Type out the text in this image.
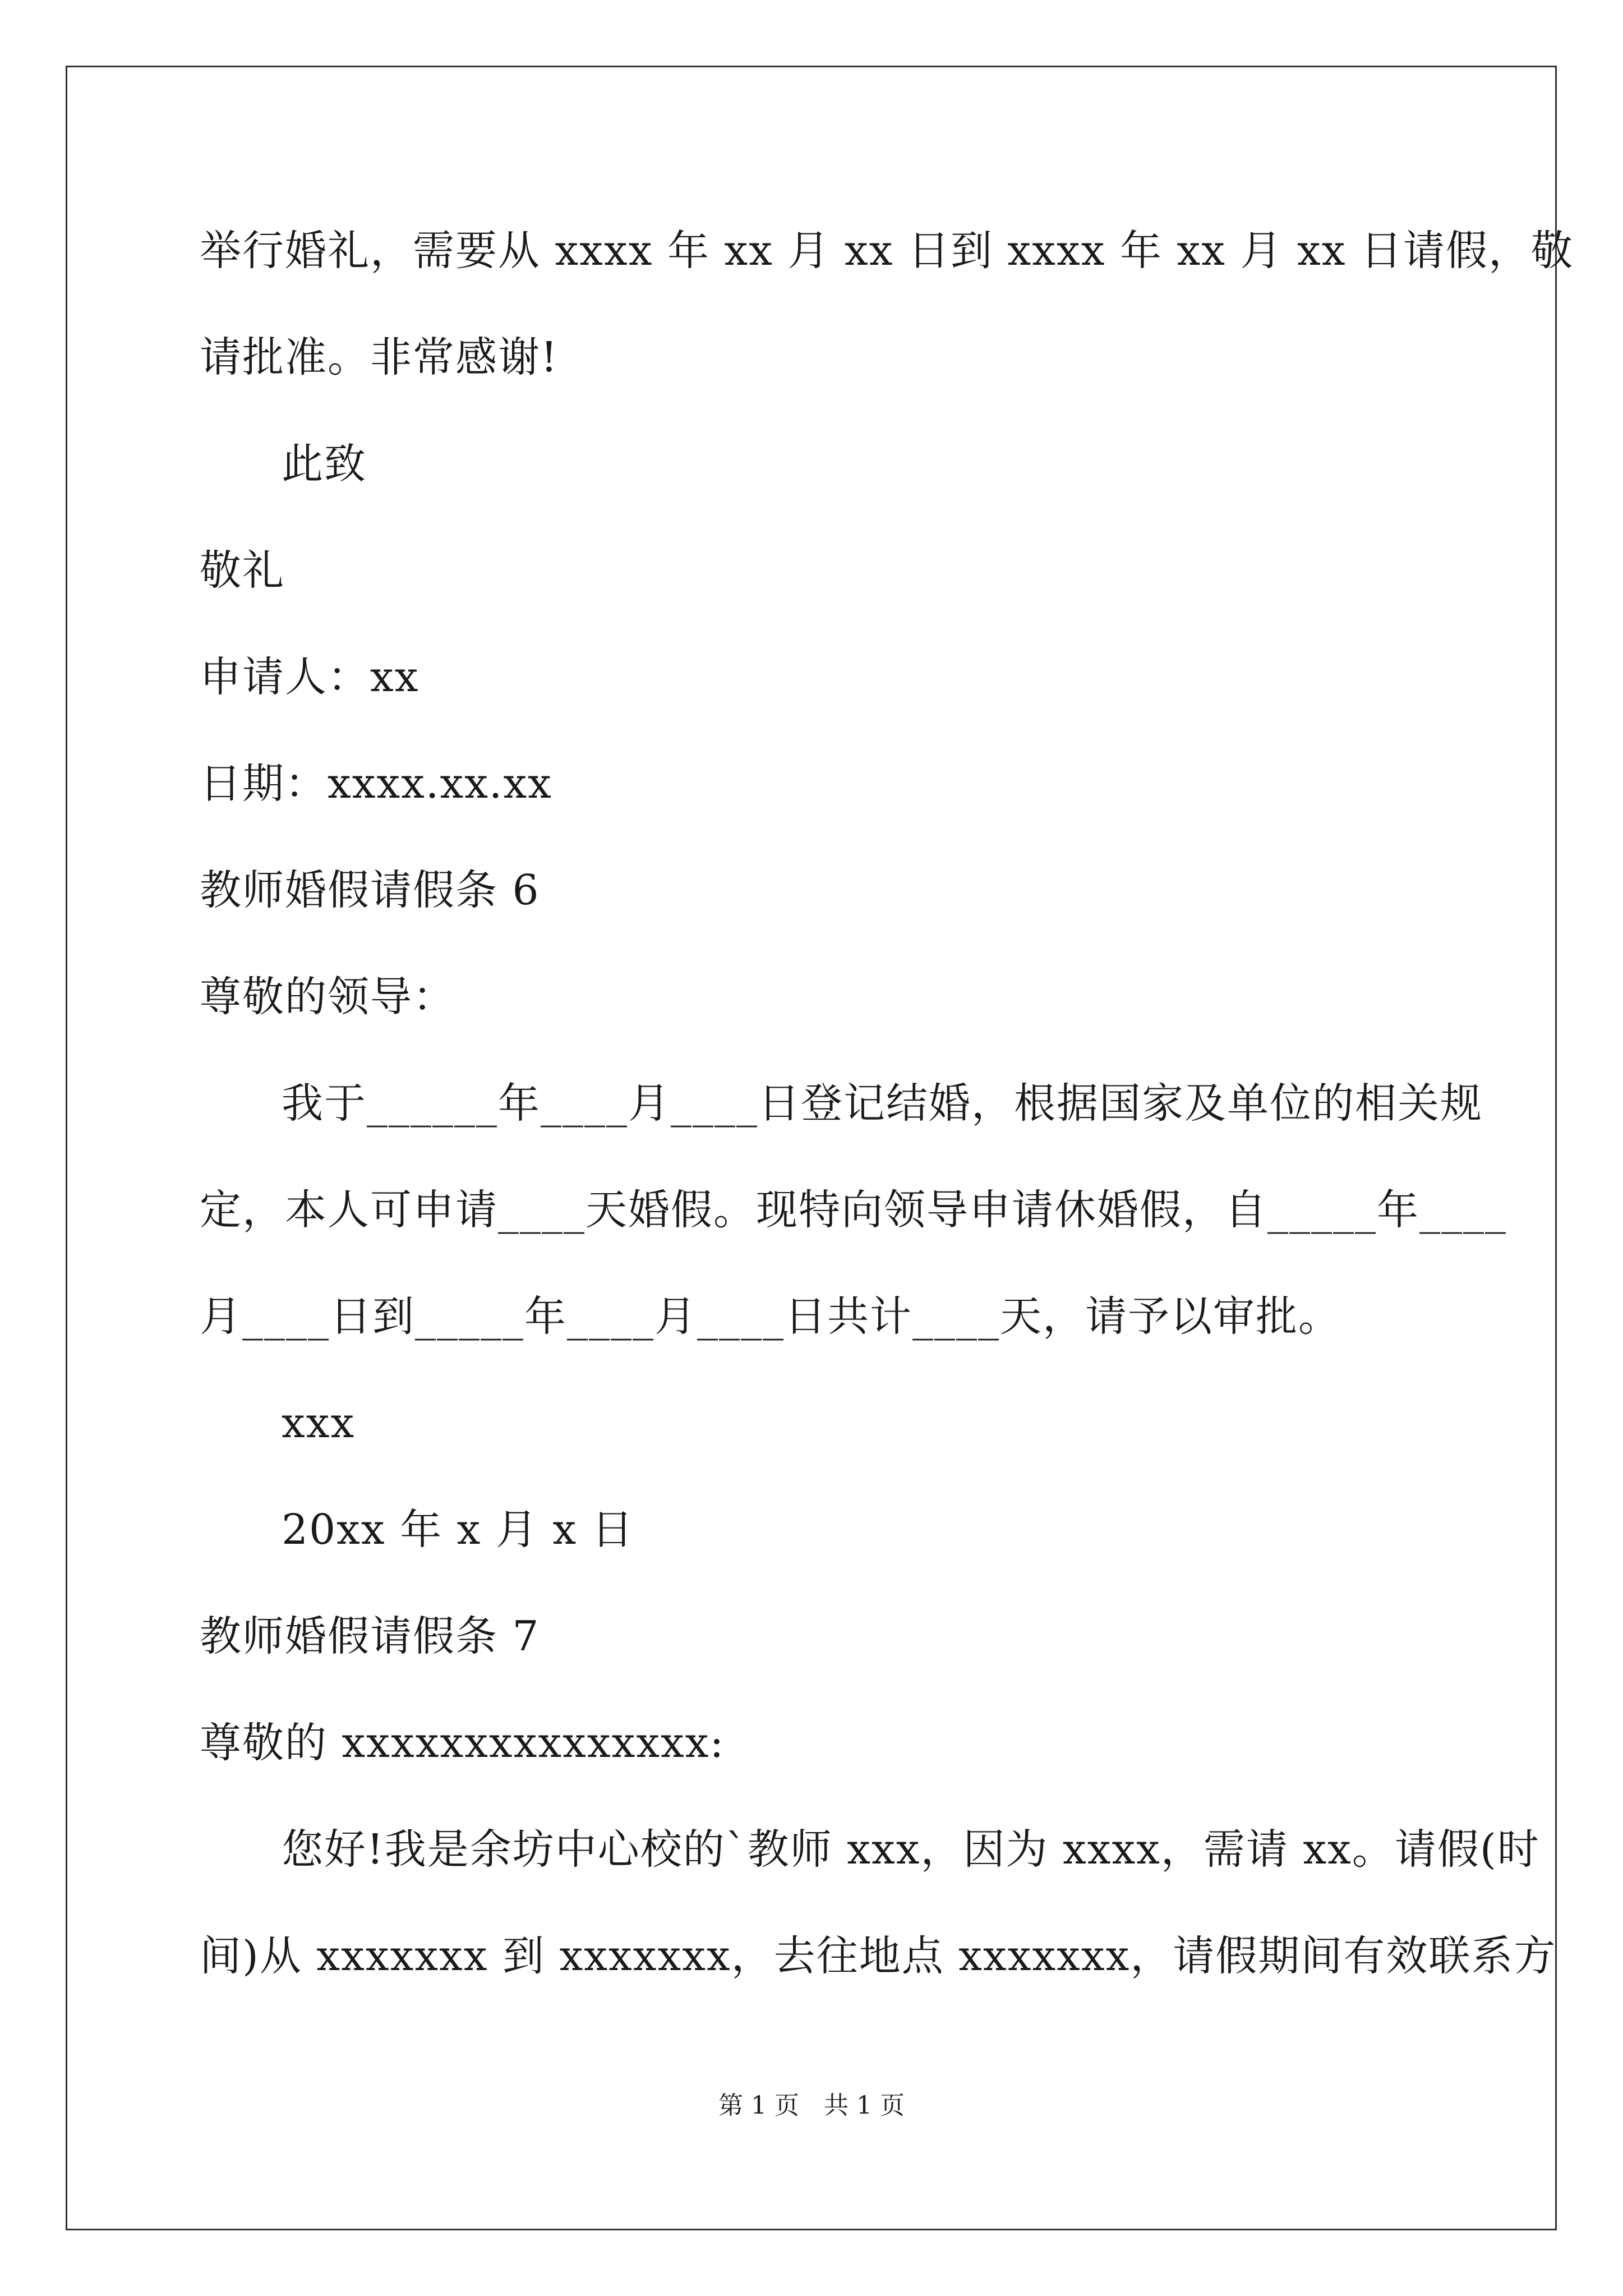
举行婚礼，需要从 xxxx 年 xx 月 xx 日到 xxxx 年 xx 月 xx 日请假，敬
请批准。非常感谢!
此致
敬礼
申请人：xx
日期：xxxx.xx.xx
教师婚假请假条 6
尊敬的领导：
我于______年____月____日登记结婚，根据国家及单位的相关规
定，本人可申请____天婚假。现特向领导申请休婚假，自_____年____
月____日到_____年____月____日共计____天，请予以审批。
xxx
20xx 年 x 月 x 日
教师婚假请假条 7
尊敬的 xxxxxxxxxxxxxxx:
您好!我是余坊中心校的`教师 xxx，因为 xxxx，需请 xx。请假(时
间)从 xxxxxxx 到 xxxxxxx，去往地点 xxxxxxx，请假期间有效联系方
第 1 页　共 1 页
